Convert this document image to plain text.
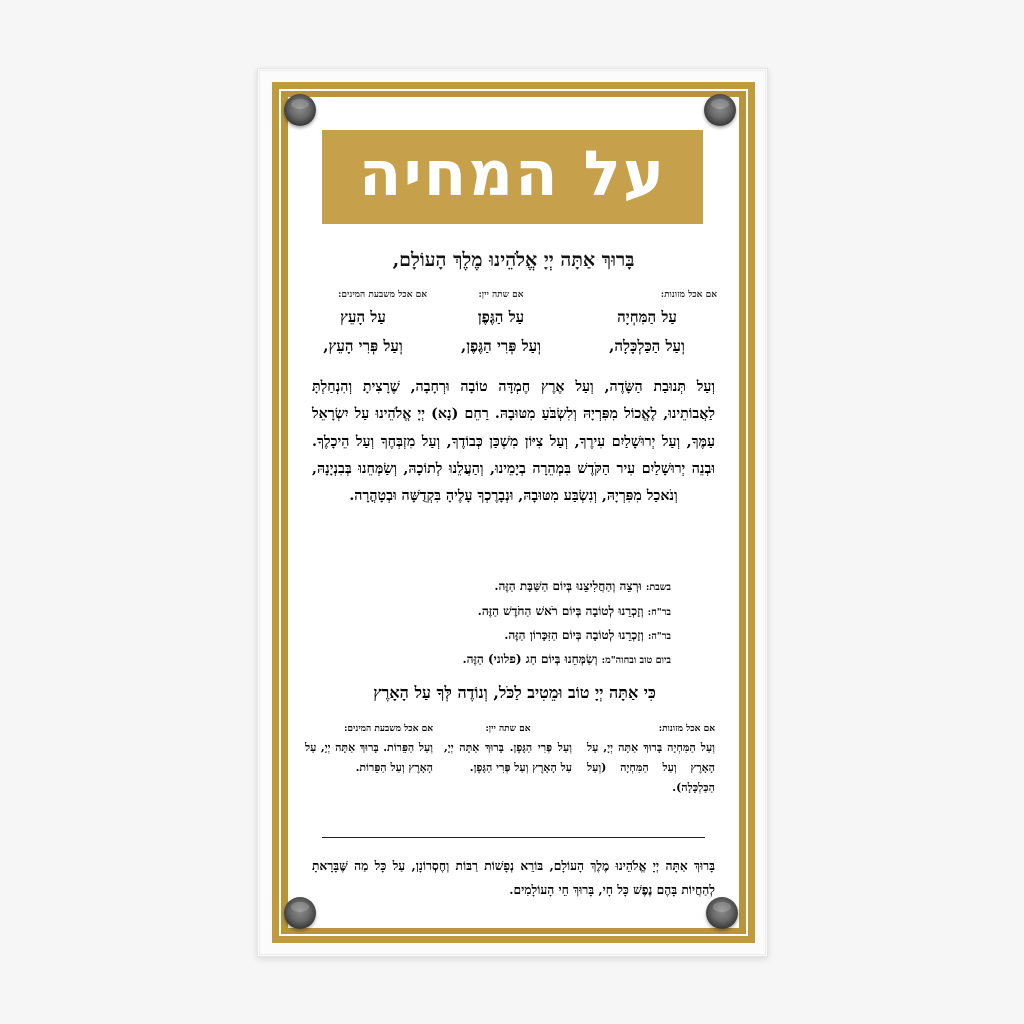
על המחיה
בָּרוּךְ אַתָּה יְיָ אֱלֹהֵינוּ מֶלֶךְ הָעוֹלָם,
אם אכל מזונות:
עַל הַמִּחְיָה
וְעַל הַכַּלְכָּלָה,
אם שתה יין:
עַל הַגֶּפֶן
וְעַל פְּרִי הַגֶּפֶן,
אם אכל משבעת המינים:
עַל הָעֵץ
וְעַל פְּרִי הָעֵץ,
וְעַל תְּנוּבַת הַשָּׂדֶה, וְעַל אֶרֶץ חֶמְדָּה טוֹבָה וּרְחָבָה, שֶׁרָצִיתָ וְהִנְחַלְתָּ לַאֲבוֹתֵינוּ, לֶאֱכוֹל מִפִּרְיָהּ וְלִשְׂבֹּעַ מִטּוּבָהּ. רַחֵם (נָא) יְיָ אֱלֹהֵינוּ עַל יִשְׂרָאֵל עַמֶּךָ, וְעַל יְרוּשָׁלַיִם עִירֶךָ, וְעַל צִיּוֹן מִשְׁכַּן כְּבוֹדֶךָ, וְעַל מִזְבְּחֶךָ וְעַל הֵיכָלֶךָ. וּבְנֵה יְרוּשָׁלַיִם עִיר הַקֹּדֶשׁ בִּמְהֵרָה בְיָמֵינוּ, וְהַעֲלֵנוּ לְתוֹכָהּ, וְשַׂמְּחֵנוּ בְּבִנְיָנָהּ, וְנֹאכַל מִפִּרְיָהּ, וְנִשְׂבַּע מִטּוּבָהּ, וּנְבָרֶכְךָ עָלֶיהָ בִּקְדֻשָּׁה וּבְטָהֳרָה.
בשבת: וּרְצֵה וְהַחֲלִיצֵנוּ בְּיוֹם הַשַּׁבָּת הַזֶּה.
בר"ח: וְזָכְרֵנוּ לְטוֹבָה בְּיוֹם רֹאשׁ הַחֹדֶשׁ הַזֶּה.
בר"ה: וְזָכְרֵנוּ לְטוֹבָה בְּיוֹם הַזִּכָּרוֹן הַזֶּה.
ביום טוב ובחוה"מ: וְשַׂמְּחֵנוּ בְּיוֹם חַג (פלוני) הַזֶּה.
כִּי אַתָּה יְיָ טוֹב וּמֵטִיב לַכֹּל, וְנוֹדֶה לְּךָ עַל הָאָרֶץ
אם אכל מזונות:
וְעַל הַמִּחְיָה בָּרוּךְ אַתָּה יְיָ, עַל הָאָרֶץ וְעַל הַמִּחְיָה (וְעַל הַכַּלְכָּלָה).
אם שתה יין:
וְעַל פְּרִי הַגָּפֶן. בָּרוּךְ אַתָּה יְיָ, עַל הָאָרֶץ וְעַל פְּרִי הַגָּפֶן.
אם אכל משבעת המינים:
וְעַל הַפֵּרוֹת. בָּרוּךְ אַתָּה יְיָ, עַל הָאָרֶץ וְעַל הַפֵּרוֹת.
בָּרוּךְ אַתָּה יְיָ אֱלֹהֵינוּ מֶלֶךְ הָעוֹלָם, בּוֹרֵא נְפָשׁוֹת רַבּוֹת וְחֶסְרוֹנָן, עַל כָּל מַה שֶּׁבָּרָאתָ לְהַחֲיוֹת בָּהֶם נֶפֶשׁ כָּל חָי, בָּרוּךְ חֵי הָעוֹלָמִים.
